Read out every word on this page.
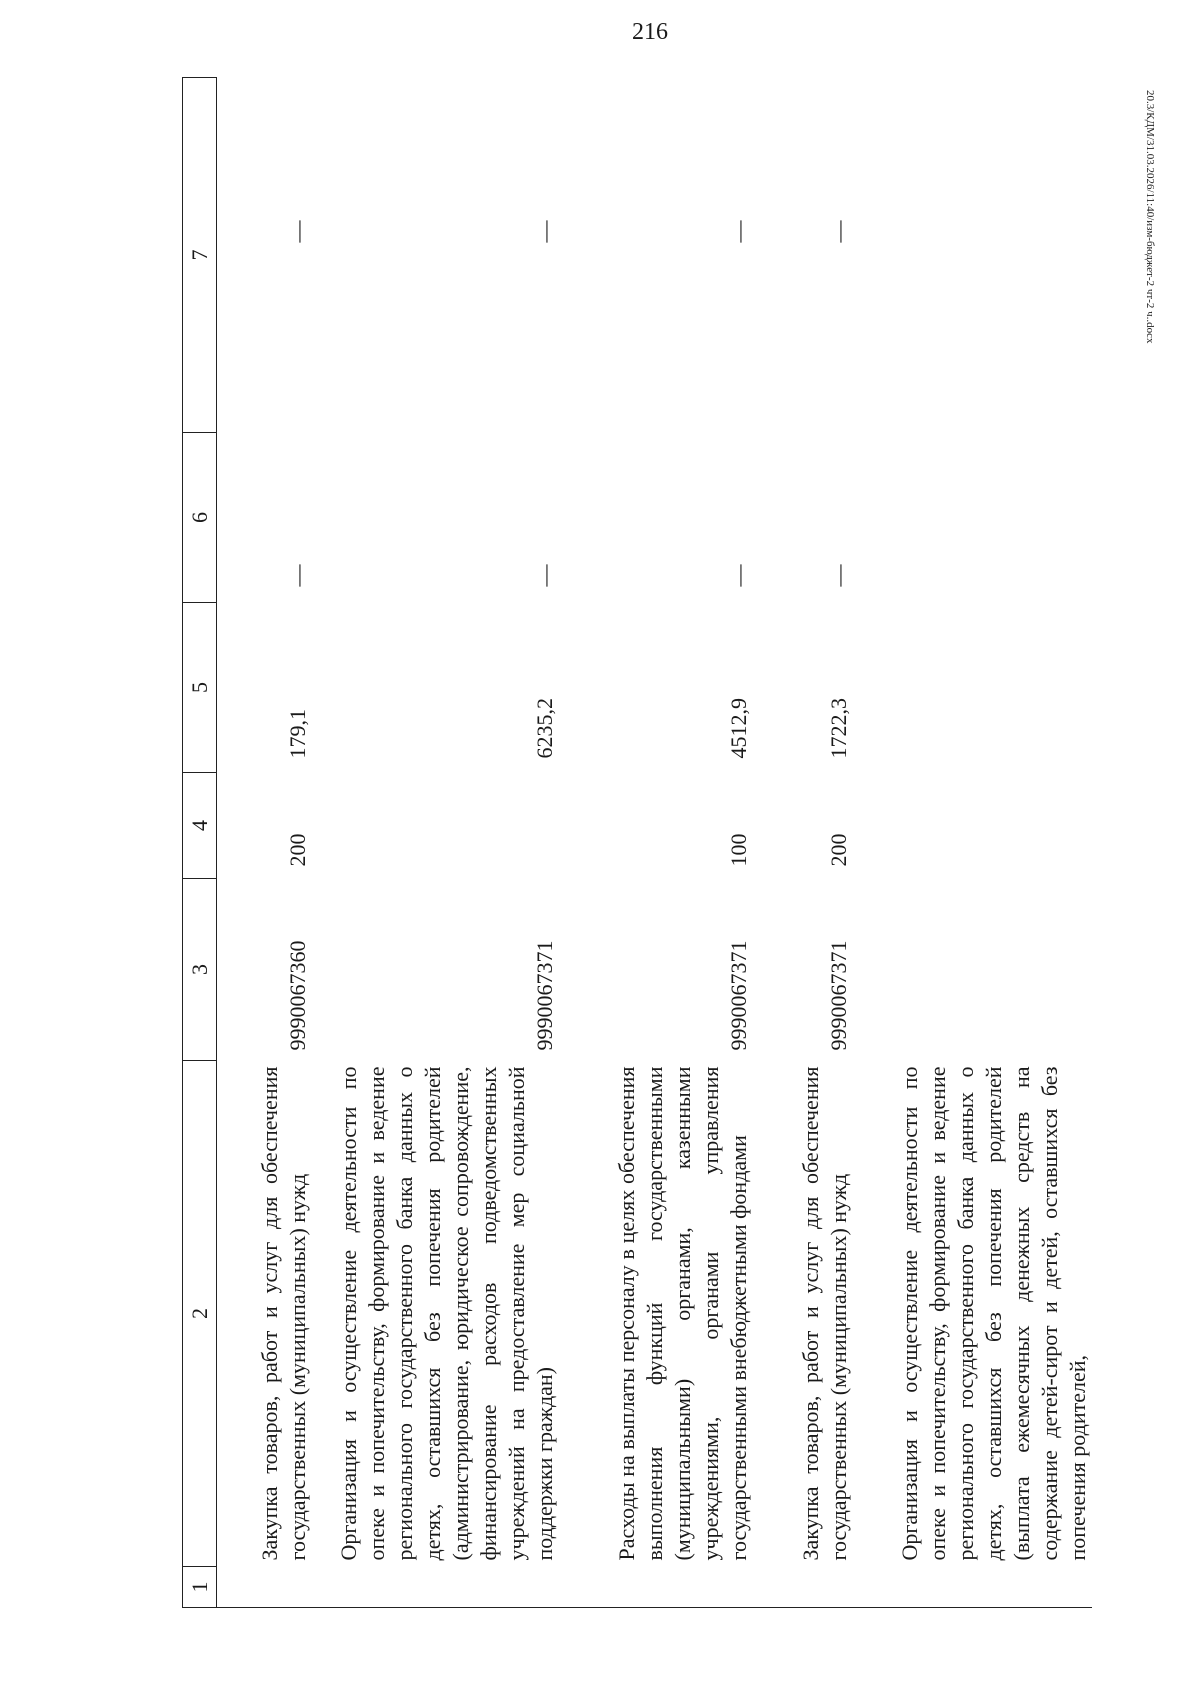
216
20.3/КДМ/31.03.2026/11:40/изм-бюджет-2 чт-2 ч..docx
1	2	3	4	5	6	7

	Закупка товаров, работ и услуг для обеспечения государственных (муниципальных) нужд	9990067360	200	179,1	—	—

	Организация и осуществление деятельности по опеке и попечительству, формирование и ведение регионального государственного банка данных о детях, оставшихся без попечения родителей (администрирование, юридическое сопровождение, финансирование расходов подведомственных учреждений на предоставление мер социальной поддержки граждан)	9990067371		6235,2	—	—

	Расходы на выплаты персоналу в целях обеспечения выполнения функций государственными (муниципальными) органами, казенными учреждениями, органами управления государственными внебюджетными фондами	9990067371	100	4512,9	—	—

	Закупка товаров, работ и услуг для обеспечения государственных (муниципальных) нужд	9990067371	200	1722,3	—	—

	Организация и осуществление деятельности по опеке и попечительству, формирование и ведение регионального государственного банка данных о детях, оставшихся без попечения родителей (выплата ежемесячных денежных средств на содержание детей-сирот и детей, оставшихся без попечения родителей,					
